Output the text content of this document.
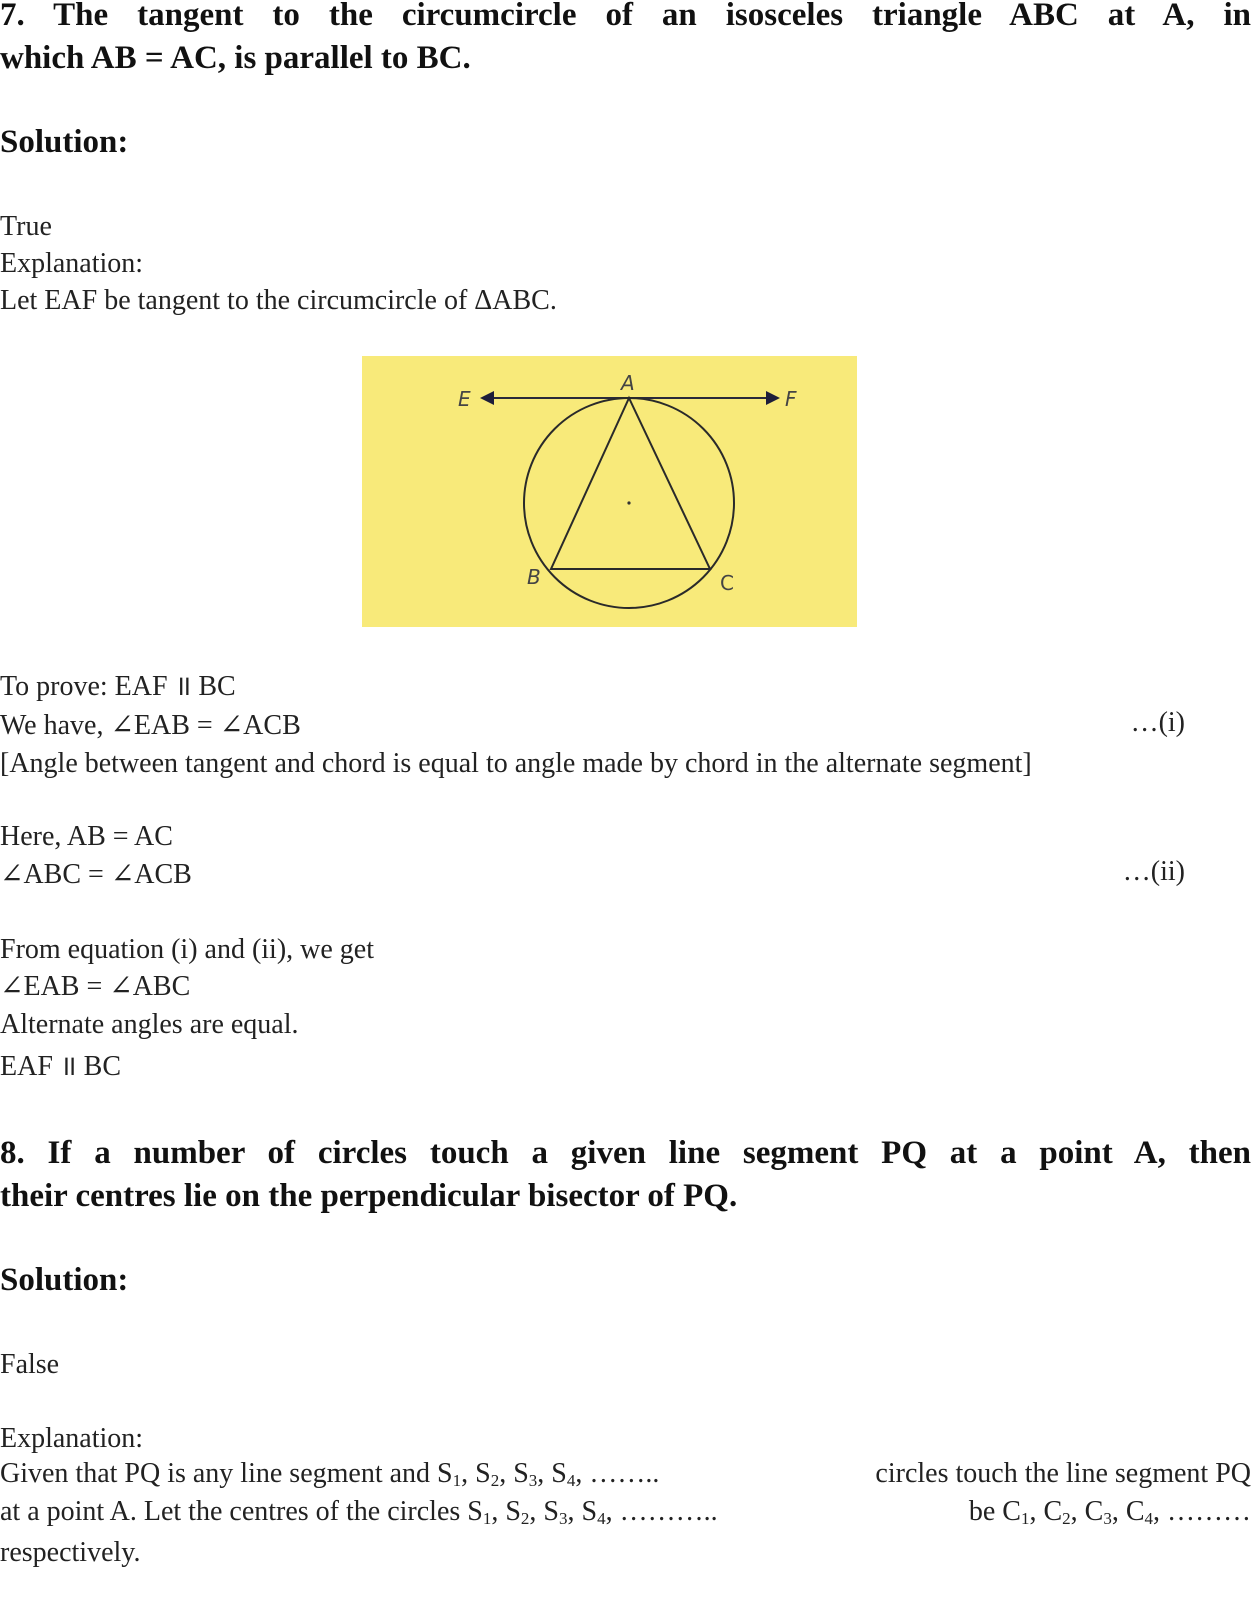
7. The tangent to the circumcircle of an isosceles triangle ABC at A, in
which AB = AC, is parallel to BC.
Solution:
True
Explanation:
Let EAF be tangent to the circumcircle of ΔABC.
E
A
F
B	C
To prove: EAF ॥ BC
We have, ∠EAB = ∠ACB	…(i)
[Angle between tangent and chord is equal to angle made by chord in the alternate segment]
Here, AB = AC
∠ABC = ∠ACB	…(ii)
From equation (i) and (ii), we get
∠EAB = ∠ABC
Alternate angles are equal.
EAF ॥ BC
8. If a number of circles touch a given line segment PQ at a point A, then
their centres lie on the perpendicular bisector of PQ.
Solution:
False
Explanation:
Given that PQ is any line segment and $S_1$, $S_2$, $S_3$, $S_4$, ……..	circles touch the line segment PQ
at a point A. Let the centres of the circles $S_1$, $S_2$, $S_3$, $S_4$, ………..	be $C_1$, $C_2$, $C_3$, $C_4$, ………
respectively.
